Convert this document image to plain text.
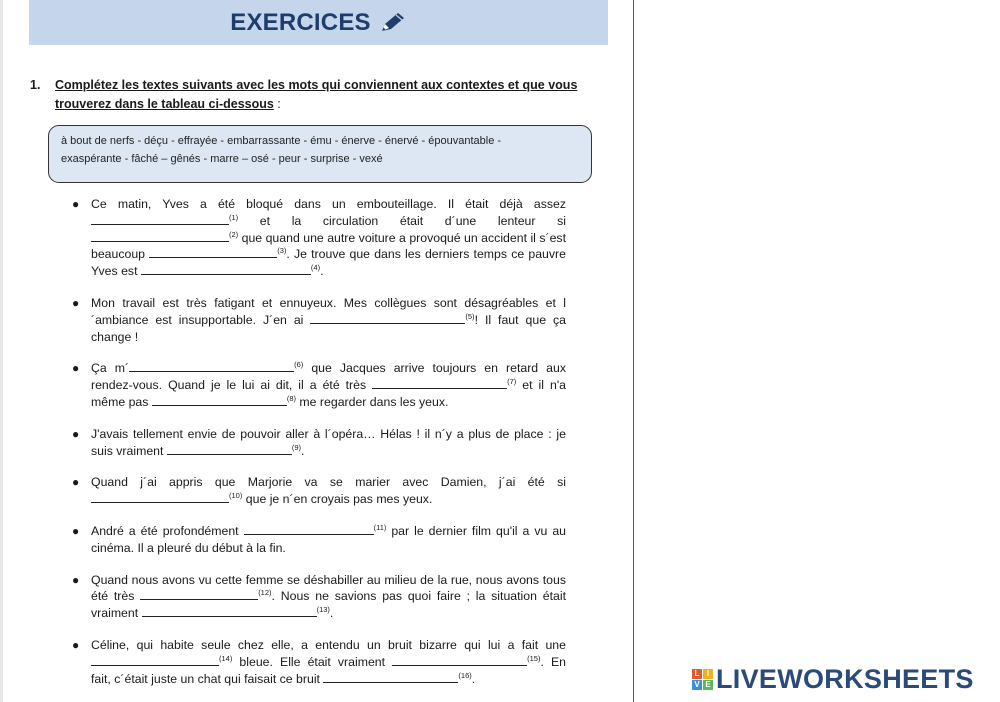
EXERCICES
1. Complétez les textes suivants avec les mots qui conviennent aux contextes et que vous
trouverez dans le tableau ci-dessous :
à bout de nerfs - déçu - effrayée - embarrassante - ému - énerve - énervé - épouvantable -
exaspérante - fâché – gênés - marre – osé - peur - surprise - vexé
● Ce matin, Yves a été bloqué dans un embouteillage. Il était déjà assez $^{(1)}$ et la circulation était d´une lenteur si $^{(2)}$ que quand une autre voiture a provoqué un accident il s´est beaucoup	$^{(3)}$. Je trouve que dans les derniers temps ce pauvre Yves est	$^{(4)}$.
● Mon travail est très fatigant et ennuyeux. Mes collègues sont désagréables et l´ambiance est insupportable. J´en ai	$^{(5)}$! Il faut que ça change !
● Ça m´	$^{(6)}$ que Jacques arrive toujours en retard aux rendez-vous. Quand je le lui ai dit, il a été très	$^{(7)}$ et il n'a même pas	$^{(8)}$ me regarder dans les yeux.
● J'avais tellement envie de pouvoir aller à l´opéra… Hélas ! il n´y a plus de place : je suis vraiment	$^{(9)}$.
● Quand j´ai appris que Marjorie va se marier avec Damien, j´ai été si $^{(10)}$ que je n´en croyais pas mes yeux.
● André a été profondément	$^{(11)}$ par le dernier film qu'il a vu au cinéma. Il a pleuré du début à la fin.
● Quand nous avons vu cette femme se déshabiller au milieu de la rue, nous avons tous été très	$^{(12)}$. Nous ne savions pas quoi faire ; la situation était vraiment	$^{(13)}$.
● Céline, qui habite seule chez elle, a entendu un bruit bizarre qui lui a fait une $^{(14)}$ bleue. Elle était vraiment	$^{(15)}$. En fait, c´était juste un chat qui faisait ce bruit	$^{(16)}$.	L I
V E LIVEWORKSHEETS
